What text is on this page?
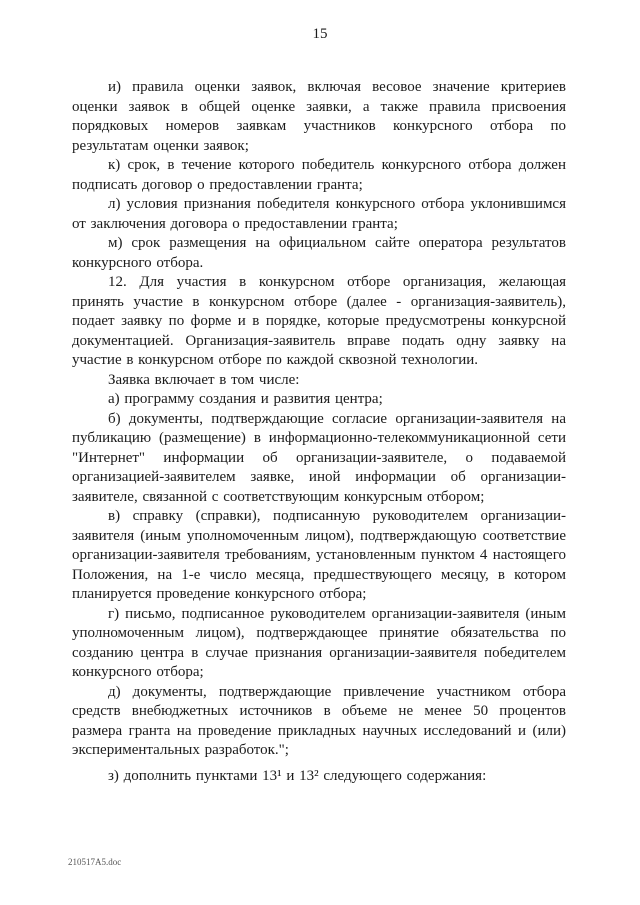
15

и) правила оценки заявок, включая весовое значение критериев оценки заявок в общей оценке заявки, а также правила присвоения порядковых номеров заявкам участников конкурсного отбора по результатам оценки заявок;

к) срок, в течение которого победитель конкурсного отбора должен подписать договор о предоставлении гранта;

л) условия признания победителя конкурсного отбора уклонившимся от заключения договора о предоставлении гранта;

м) срок размещения на официальном сайте оператора результатов конкурсного отбора.

12. Для участия в конкурсном отборе организация, желающая принять участие в конкурсном отборе (далее - организация-заявитель), подает заявку по форме и в порядке, которые предусмотрены конкурсной документацией. Организация-заявитель вправе подать одну заявку на участие в конкурсном отборе по каждой сквозной технологии.

Заявка включает в том числе:

а) программу создания и развития центра;

б) документы, подтверждающие согласие организации-заявителя на публикацию (размещение) в информационно-телекоммуникационной сети "Интернет" информации об организации-заявителе, о подаваемой организацией-заявителем заявке, иной информации об организации-заявителе, связанной с соответствующим конкурсным отбором;

в) справку (справки), подписанную руководителем организации-заявителя (иным уполномоченным лицом), подтверждающую соответствие организации-заявителя требованиям, установленным пунктом 4 настоящего Положения, на 1-е число месяца, предшествующего месяцу, в котором планируется проведение конкурсного отбора;

г) письмо, подписанное руководителем организации-заявителя (иным уполномоченным лицом), подтверждающее принятие обязательства по созданию центра в случае признания организации-заявителя победителем конкурсного отбора;

д) документы, подтверждающие привлечение участником отбора средств внебюджетных источников в объеме не менее 50 процентов размера гранта на проведение прикладных научных исследований и (или) экспериментальных разработок.";

з) дополнить пунктами 13¹ и 13² следующего содержания:

210517A5.doc
